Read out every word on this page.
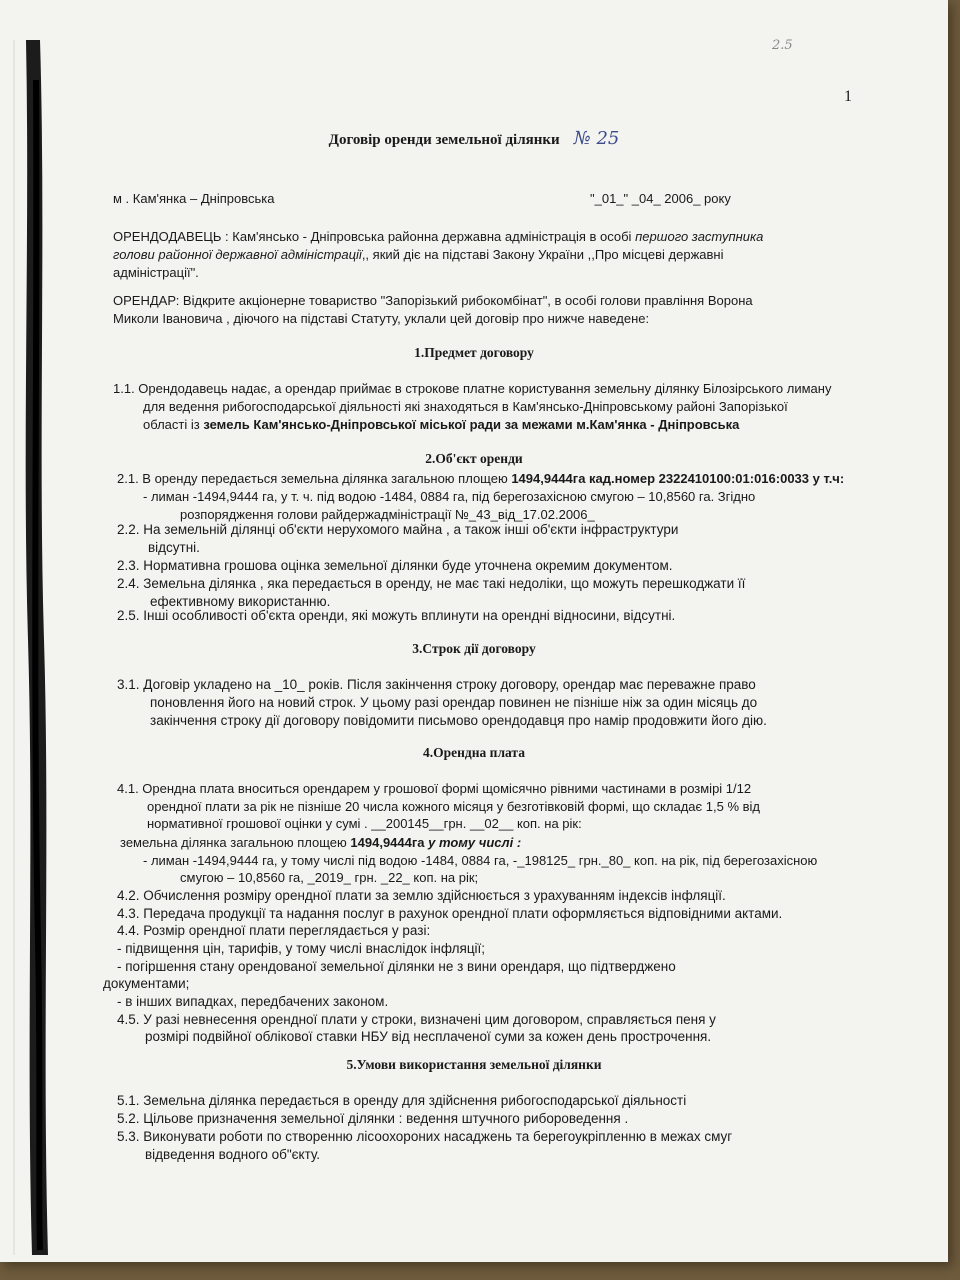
2.5
1
Договір оренди земельної ділянки № 25
м . Кам'янка – Дніпровська	"_01_" _04_ 2006_ року
ОРЕНДОДАВЕЦЬ : Кам'янсько - Дніпровська районна державна адміністрація в особі першого заступника
голови районної державної адміністрації,, який діє на підставі Закону України ,,Про місцеві державні
адміністрації".
ОРЕНДАР: Відкрите акціонерне товариство "Запорізький рибокомбінат", в особі голови правління Ворона
Миколи Івановича , діючого на підставі Статуту, уклали цей договір про нижче наведене:
1.Предмет договору
1.1. Орендодавець надає, а орендар приймає в строкове платне користування земельну ділянку Білозірського лиману
для ведення рибогосподарської діяльності які знаходяться в Кам'янсько-Дніпровському районі Запорізької
області із земель Кам'янсько-Дніпровської міської ради за межами м.Кам'янка - Дніпровська
2.Об'єкт оренди
2.1. В оренду передається земельна ділянка загальною площею 1494,9444га кад.номер 2322410100:01:016:0033 у т.ч:
- лиман -1494,9444 га, у т. ч. під водою -1484, 0884 га, під берегозахісною смугою – 10,8560 га. Згідно
розпорядження голови райдержадміністрації №_43_від_17.02.2006_
2.2. На земельній ділянці об'єкти нерухомого майна , а також інші об'єкти інфраструктури
відсутні.
2.3. Нормативна грошова оцінка земельної ділянки буде уточнена окремим документом.
2.4. Земельна ділянка , яка передається в оренду, не має такі недоліки, що можуть перешкоджати її
ефективному використанню.
2.5. Інші особливості об'єкта оренди, які можуть вплинути на орендні відносини, відсутні.
3.Строк дії договору
3.1. Договір укладено на _10_ років. Після закінчення строку договору, орендар має переважне право
поновлення його на новий строк. У цьому разі орендар повинен не пізніше ніж за один місяць до
закінчення строку дії договору повідомити письмово орендодавця про намір продовжити його дію.
4.Орендна плата
4.1. Орендна плата вноситься орендарем у грошової формі щомісячно рівними частинами в розмірі 1/12
орендної плати за рік не пізніше 20 числа кожного місяця у безготівковій формі, що складає 1,5 % від
нормативної грошової оцінки у сумі . __200145__грн. __02__ коп. на рік:
земельна ділянка загальною площею 1494,9444га у тому числі :
- лиман -1494,9444 га, у тому числі під водою -1484, 0884 га, -_198125_ грн._80_ коп. на рік, під берегозахісною
смугою – 10,8560 га, _2019_ грн. _22_ коп. на рік;
4.2. Обчислення розміру орендної плати за землю здійснюється з урахуванням індексів інфляції.
4.3. Передача продукції та надання послуг в рахунок орендної плати оформляється відповідними актами.
4.4. Розмір орендної плати переглядається у разі:
- підвищення цін, тарифів, у тому числі внаслідок інфляції;
- погіршення стану орендованої земельної ділянки не з вини орендаря, що підтверджено
документами;
- в інших випадках, передбачених законом.
4.5. У разі невнесення орендної плати у строки, визначені цим договором, справляється пеня у
розмірі подвійної облікової ставки НБУ від несплаченої суми за кожен день прострочення.
5.Умови використання земельної ділянки
5.1. Земельна ділянка передається в оренду для здійснення рибогосподарської діяльності
5.2. Цільове призначення земельної ділянки : ведення штучного рибороведення .
5.3. Виконувати роботи по створенню лісоохороних насаджень та берегоукріпленню в межах смуг
відведення водного об"єкту.
